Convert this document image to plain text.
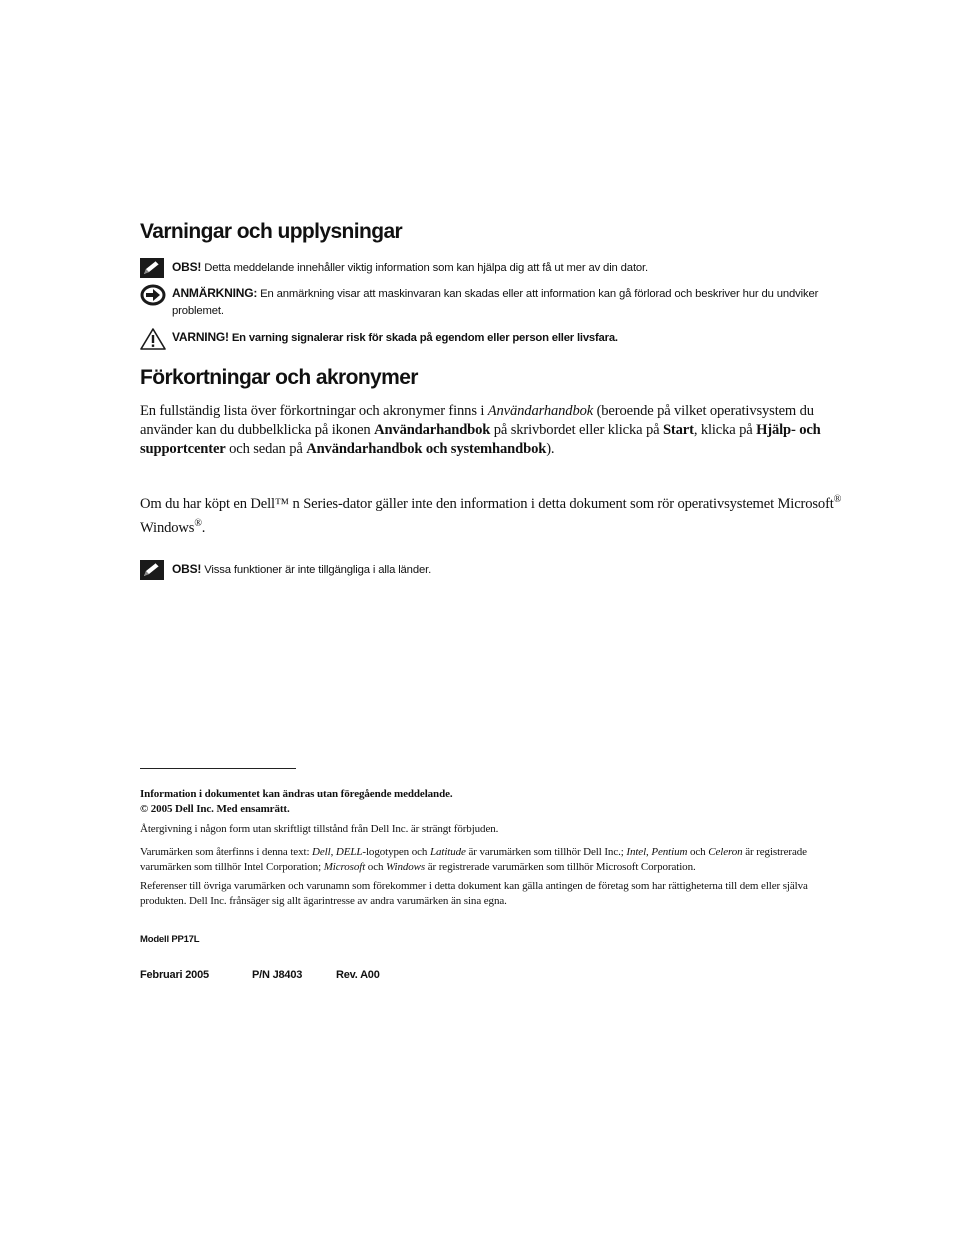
Varningar och upplysningar
OBS! Detta meddelande innehåller viktig information som kan hjälpa dig att få ut mer av din dator.
ANMÄRKNING: En anmärkning visar att maskinvaran kan skadas eller att information kan gå förlorad och beskriver hur du undviker problemet.
VARNING! En varning signalerar risk för skada på egendom eller person eller livsfara.
Förkortningar och akronymer

En fullständig lista över förkortningar och akronymer finns i Användarhandbok (beroende på vilket operativsystem du använder kan du dubbelklicka på ikonen Användarhandbok på skrivbordet eller klicka på Start, klicka på Hjälp- och supportcenter och sedan på Användarhandbok och systemhandbok).

Om du har köpt en Dell™ n Series-dator gäller inte den information i detta dokument som rör operativsystemet Microsoft® Windows®.

OBS! Vissa funktioner är inte tillgängliga i alla länder.
Information i dokumentet kan ändras utan föregående meddelande.
© 2005 Dell Inc. Med ensamrätt.
Återgivning i någon form utan skriftligt tillstånd från Dell Inc. är strängt förbjuden.
Varumärken som återfinns i denna text: Dell, DELL-logotypen och Latitude är varumärken som tillhör Dell Inc.; Intel, Pentium och Celeron är registrerade varumärken som tillhör Intel Corporation; Microsoft och Windows är registrerade varumärken som tillhör Microsoft Corporation.
Referenser till övriga varumärken och varunamn som förekommer i detta dokument kan gälla antingen de företag som har rättigheterna till dem eller själva produkten. Dell Inc. frånsäger sig allt ägarintresse av andra varumärken än sina egna.
Modell PP17L
Februari 2005	P/N J8403	Rev. A00
